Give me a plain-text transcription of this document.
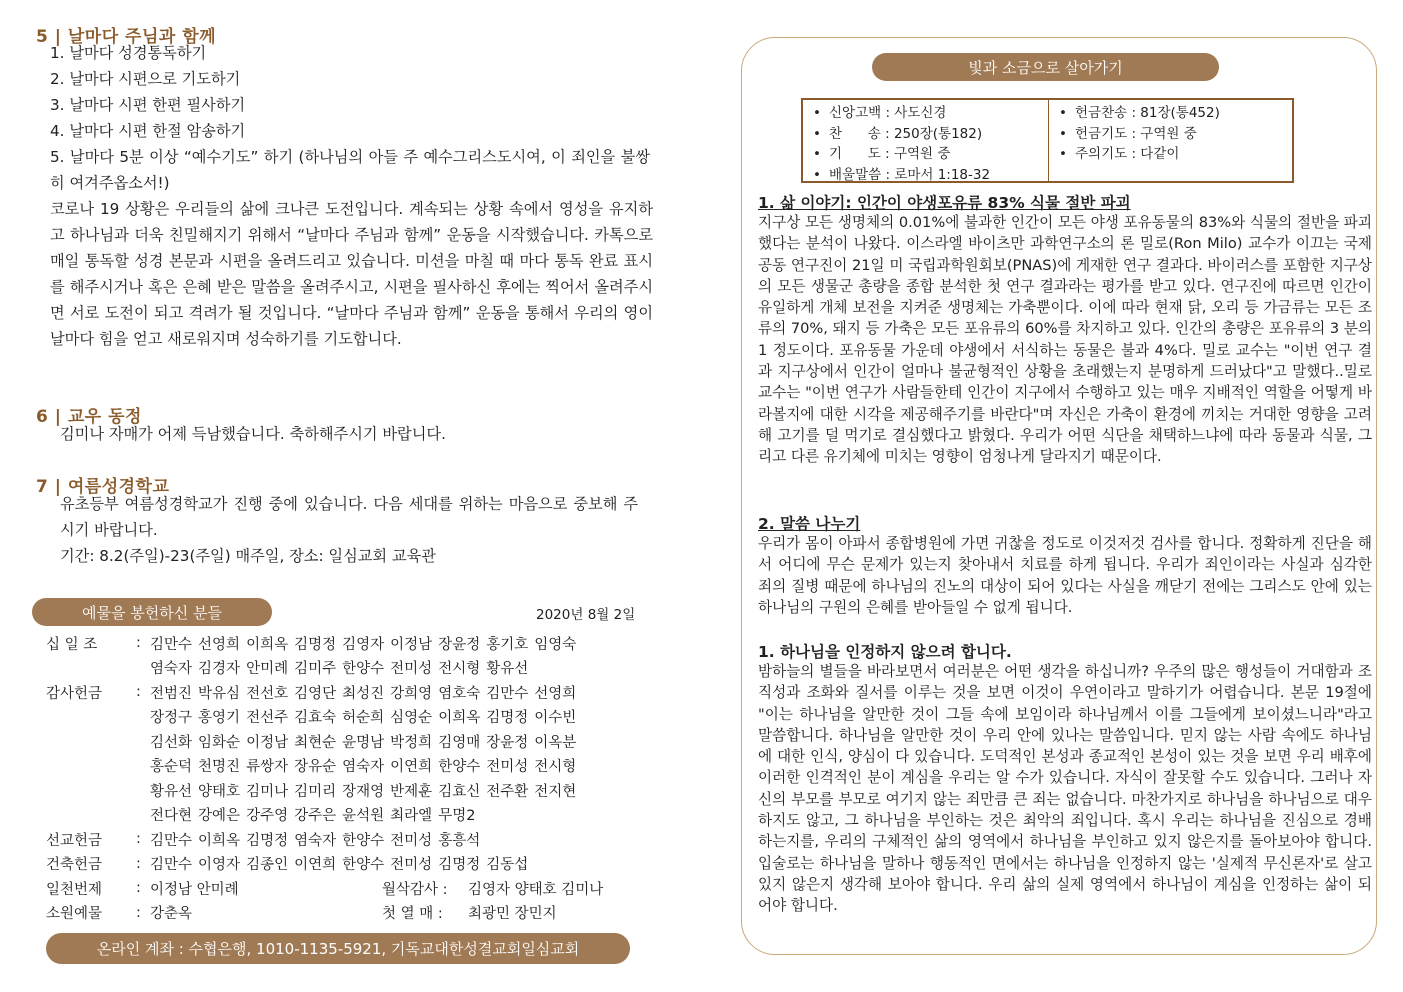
5 | 날마다 주님과 함께
1. 날마다 성경통독하기
2. 날마다 시편으로 기도하기
3. 날마다 시편 한편 필사하기
4. 날마다 시편 한절 암송하기
5. 날마다 5분 이상 “예수기도” 하기 (하나님의 아들 주 예수그리스도시여, 이 죄인을 불쌍히 여겨주옵소서!)
코로나 19 상황은 우리들의 삶에 크나큰 도전입니다. 계속되는 상황 속에서 영성을 유지하고 하나님과 더욱 친밀해지기 위해서 “날마다 주님과 함께” 운동을 시작했습니다. 카톡으로 매일 통독할 성경 본문과 시편을 올려드리고 있습니다. 미션을 마칠 때 마다 통독 완료 표시를 해주시거나 혹은 은혜 받은 말씀을 올려주시고, 시편을 필사하신 후에는 찍어서 올려주시면 서로 도전이 되고 격려가 될 것입니다. “날마다 주님과 함께” 운동을 통해서 우리의 영이 날마다 힘을 얻고 새로워지며 성숙하기를 기도합니다.
6 | 교우 동정
김미나 자매가 어제 득남했습니다. 축하해주시기 바랍니다.
7 | 여름성경학교
유초등부 여름성경학교가 진행 중에 있습니다. 다음 세대를 위하는 마음으로 중보해 주시기 바랍니다.
기간: 8.2(주일)-23(주일) 매주일, 장소: 일심교회 교육관
예물을 봉헌하신 분들	2020년 8월 2일
십 일 조	:	김만수 선영희 이희옥 김명정 김영자 이정남 장윤정 홍기호 임영숙		
		염숙자 김경자 안미례 김미주 한양수 전미성 전시형 황유선		
감사헌금	:	전범진 박유심 전선호 김영단 최성진 강희영 염호숙 김만수 선영희		
		장정구 홍영기 전선주 김효숙 허순희 심영순 이희옥 김명정 이수빈		
		김선화 임화순 이정남 최현순 윤명남 박정희 김영매 장윤정 이옥분		
		홍순덕 천명진 류쌍자 장유순 염숙자 이연희 한양수 전미성 전시형		
		황유선 양태호 김미나 김미리 장재영 반제훈 김효신 전주환 전지현		
		전다현 강예은 강주영 강주은 윤석원 최라엘 무명2		
선교헌금	:	김만수 이희옥 김명정 염숙자 한양수 전미성 홍흥석		
건축헌금	:	김만수 이영자 김종인 이연희 한양수 전미성 김명정 김동섭		
일천번제	:	이정남 안미례	월삭감사 :	김영자 양태호 김미나
소원예물	:	강춘옥	첫 열 매 :	최광민 장민지
온라인 계좌 : 수협은행, 1010-1135-5921, 기독교대한성결교회일심교회
빛과 소금으로 살아가기
• 신앙고백 : 사도신경
• 찬      송 : 250장(통182)
• 기      도 : 구역원 중
• 배울말씀 : 로마서 1:18-32
• 헌금찬송 : 81장(통452)
• 헌금기도 : 구역원 중
• 주의기도 : 다같이
1. 삶 이야기: 인간이 야생포유류 83% 식물 절반 파괴
지구상 모든 생명체의 0.01%에 불과한 인간이 모든 야생 포유동물의 83%와 식물의 절반을 파괴했다는 분석이 나왔다. 이스라엘 바이츠만 과학연구소의 론 밀로(Ron Milo) 교수가 이끄는 국제공동 연구진이 21일 미 국립과학원회보(PNAS)에 게재한 연구 결과다. 바이러스를 포함한 지구상의 모든 생물군 총량을 종합 분석한 첫 연구 결과라는 평가를 받고 있다. 연구진에 따르면 인간이 유일하게 개체 보전을 지켜준 생명체는 가축뿐이다. 이에 따라 현재 닭, 오리 등 가금류는 모든 조류의 70%, 돼지 등 가축은 모든 포유류의 60%를 차지하고 있다. 인간의 총량은 포유류의 3 분의 1 정도이다. 포유동물 가운데 야생에서 서식하는 동물은 불과 4%다. 밀로 교수는 "이번 연구 결과 지구상에서 인간이 얼마나 불균형적인 상황을 초래했는지 분명하게 드러났다"고 말했다..밀로 교수는 "이번 연구가 사람들한테 인간이 지구에서 수행하고 있는 매우 지배적인 역할을 어떻게 바라볼지에 대한 시각을 제공해주기를 바란다"며 자신은 가축이 환경에 끼치는 거대한 영향을 고려해 고기를 덜 먹기로 결심했다고 밝혔다. 우리가 어떤 식단을 채택하느냐에 따라 동물과 식물, 그리고 다른 유기체에 미치는 영향이 엄청나게 달라지기 때문이다.
2. 말씀 나누기
우리가 몸이 아파서 종합병원에 가면 귀찮을 정도로 이것저것 검사를 합니다. 정확하게 진단을 해서 어디에 무슨 문제가 있는지 찾아내서 치료를 하게 됩니다. 우리가 죄인이라는 사실과 심각한 죄의 질병 때문에 하나님의 진노의 대상이 되어 있다는 사실을 깨닫기 전에는 그리스도 안에 있는 하나님의 구원의 은혜를 받아들일 수 없게 됩니다.
1. 하나님을 인정하지 않으려 합니다.
밤하늘의 별들을 바라보면서 여러분은 어떤 생각을 하십니까? 우주의 많은 행성들이 거대함과 조직성과 조화와 질서를 이루는 것을 보면 이것이 우연이라고 말하기가 어렵습니다. 본문 19절에 "이는 하나님을 알만한 것이 그들 속에 보임이라 하나님께서 이를 그들에게 보이셨느니라"라고 말씀합니다. 하나님을 알만한 것이 우리 안에 있나는 말씀입니다. 믿지 않는 사람 속에도 하나님에 대한 인식, 양심이 다 있습니다. 도덕적인 본성과 종교적인 본성이 있는 것을 보면 우리 배후에 이러한 인격적인 분이 계심을 우리는 알 수가 있습니다. 자식이 잘못할 수도 있습니다. 그러나 자신의 부모를 부모로 여기지 않는 죄만큼 큰 죄는 없습니다. 마찬가지로 하나님을 하나님으로 대우하지도 않고, 그 하나님을 부인하는 것은 최악의 죄입니다. 혹시 우리는 하나님을 진심으로 경배하는지를, 우리의 구체적인 삶의 영역에서 하나님을 부인하고 있지 않은지를 돌아보아야 합니다. 입술로는 하나님을 말하나 행동적인 면에서는 하나님을 인정하지 않는 '실제적 무신론자'로 살고 있지 않은지 생각해 보아야 합니다. 우리 삶의 실제 영역에서 하나님이 계심을 인정하는 삶이 되어야 합니다.
